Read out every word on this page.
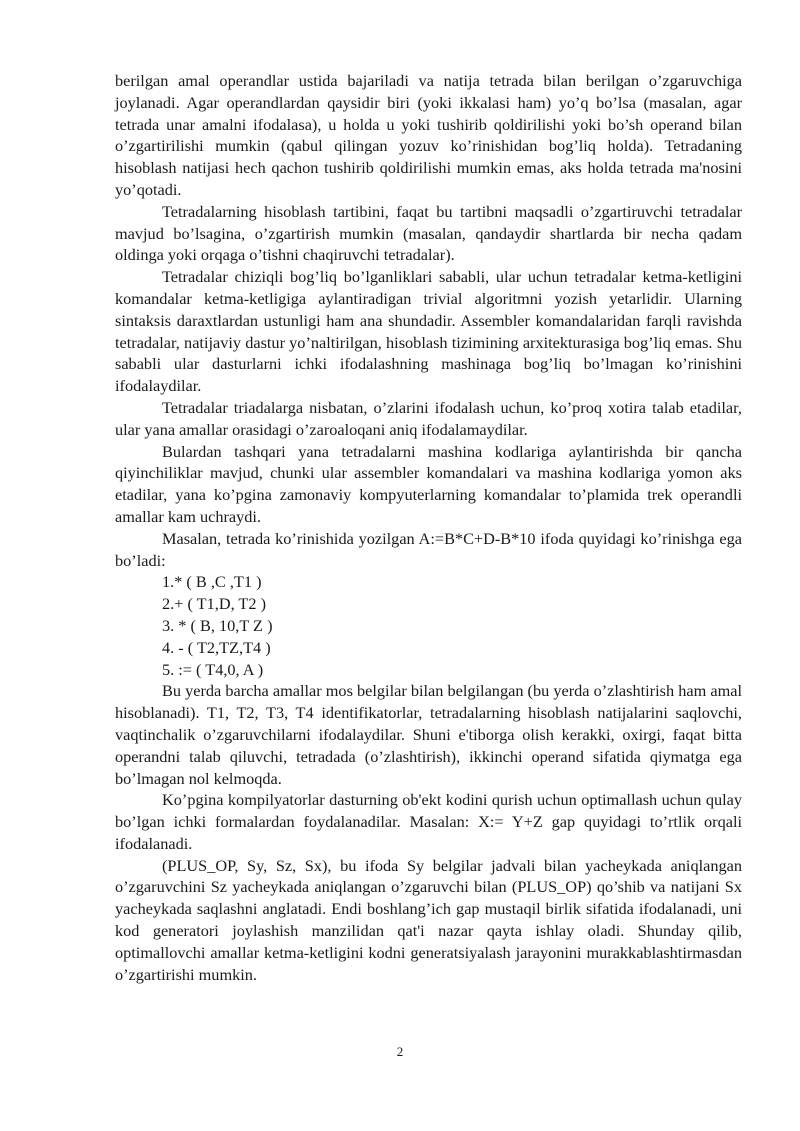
berilgan amal operandlar ustida bajariladi va natija tetrada bilan berilgan o’zgaruvchiga joylanadi. Agar operandlardan qaysidir biri (yoki ikkalasi ham) yo’q bo’lsa (masalan, agar tetrada unar amalni ifodalasa), u holda u yoki tushirib qoldirilishi yoki bo’sh operand bilan o’zgartirilishi mumkin (qabul qilingan yozuv ko’rinishidan bog’liq holda). Tetradaning hisoblash natijasi hech qachon tushirib qoldirilishi mumkin emas, aks holda tetrada ma'nosini yo’qotadi.

Tetradalarning hisoblash tartibini, faqat bu tartibni maqsadli o’zgartiruvchi tetradalar mavjud bo’lsagina, o’zgartirish mumkin (masalan, qandaydir shartlarda bir necha qadam oldinga yoki orqaga o’tishni chaqiruvchi tetradalar).

Tetradalar chiziqli bog’liq bo’lganliklari sababli, ular uchun tetradalar ketma-ketligini komandalar ketma-ketligiga aylantiradigan trivial algoritmni yozish yetarlidir. Ularning sintaksis daraxtlardan ustunligi ham ana shundadir. Assembler komandalaridan farqli ravishda tetradalar, natijaviy dastur yo’naltirilgan, hisoblash tizimining arxitekturasiga bog’liq emas. Shu sababli ular dasturlarni ichki ifodalashning mashinaga bog’liq bo’lmagan ko’rinishini ifodalaydilar.

Tetradalar triadalarga nisbatan, o’zlarini ifodalash uchun, ko’proq xotira talab etadilar, ular yana amallar orasidagi o’zaroaloqani aniq ifodalamaydilar.

Bulardan tashqari yana tetradalarni mashina kodlariga aylantirishda bir qancha qiyinchiliklar mavjud, chunki ular assembler komandalari va mashina kodlariga yomon aks etadilar, yana ko’pgina zamonaviy kompyuterlarning komandalar to’plamida trek operandli amallar kam uchraydi.

Masalan, tetrada ko’rinishida yozilgan A:=B*C+D-B*10 ifoda quyidagi ko’rinishga ega bo’ladi:

1.* ( B ,C ,T1 )

2.+ ( T1,D, T2 )

3. * ( B, 10,T Z )

4. - ( T2,TZ,T4 )

5. := ( T4,0, A )

Bu yerda barcha amallar mos belgilar bilan belgilangan (bu yerda o’zlashtirish ham amal hisoblanadi). T1, T2, T3, T4 identifikatorlar, tetradalarning hisoblash natijalarini saqlovchi, vaqtinchalik o’zgaruvchilarni ifodalaydilar. Shuni e'tiborga olish kerakki, oxirgi, faqat bitta operandni talab qiluvchi, tetradada (o’zlashtirish), ikkinchi operand sifatida qiymatga ega bo’lmagan nol kelmoqda.

Ko’pgina kompilyatorlar dasturning ob'ekt kodini qurish uchun optimallash uchun qulay bo’lgan ichki formalardan foydalanadilar. Masalan: X:= Y+Z gap quyidagi to’rtlik orqali ifodalanadi.

(PLUS_OP, Sy, Sz, Sx), bu ifoda Sy belgilar jadvali bilan yacheykada aniqlangan o’zgaruvchini Sz yacheykada aniqlangan o’zgaruvchi bilan (PLUS_OP) qo’shib va natijani Sx yacheykada saqlashni anglatadi. Endi boshlang’ich gap mustaqil birlik sifatida ifodalanadi, uni kod generatori joylashish manzilidan qat'i nazar qayta ishlay oladi. Shunday qilib, optimallovchi amallar ketma-ketligini kodni generatsiyalash jarayonini murakkablashtirmasdan o’zgartirishi mumkin.

2
